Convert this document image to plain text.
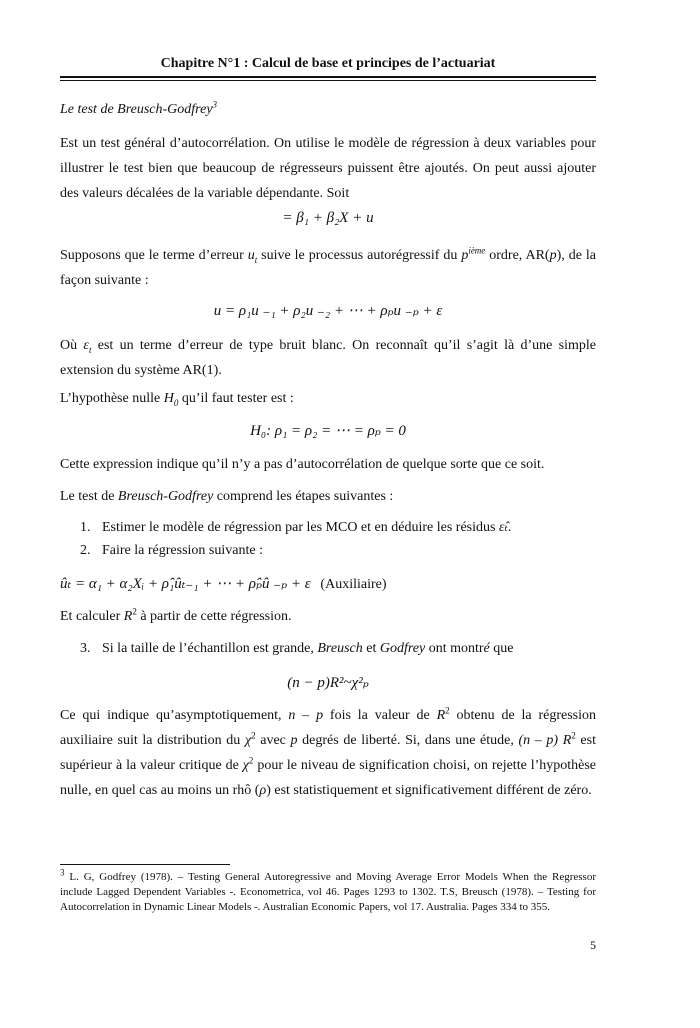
Chapitre N°1 : Calcul de base et principes de l’actuariat
Le test de Breusch-Godfrey$^3$

Est un test général d’autocorrélation. On utilise le modèle de régression à deux variables pour illustrer le test bien que beaucoup de régresseurs puissent être ajoutés. On peut aussi ajouter des valeurs décalées de la variable dépendante. Soit

= β₁ + β₂X + u

Supposons que le terme d’erreur $u_t$ suive le processus autorégressif du $p^{ième}$ ordre, AR(p), de la façon suivante :

u = ρ₁u ₋₁ + ρ₂u ₋₂ + ⋯ + ρₚu ₋ₚ + ε

Où $\varepsilon_t$ est un terme d’erreur de type bruit blanc. On reconnaît qu’il s’agit là d’une simple extension du système AR(1).

L’hypothèse nulle $H_0$ qu’il faut tester est :

H₀: ρ₁ = ρ₂ = ⋯ = ρₚ = 0

Cette expression indique qu’il n’y a pas d’autocorrélation de quelque sorte que ce soit.

Le test de Breusch-Godfrey comprend les étapes suivantes :

1. Estimer le modèle de régression par les MCO et en déduire les résidus ε̂ₜ.
2. Faire la régression suivante :
ûₜ = α₁ + α₂Xᵢ + ρ̂₁ûₜ₋₁ + ⋯ + ρ̂ₚû ₋ₚ + ε (Auxiliaire)

Et calculer $R^2$ à partir de cette régression.

3. Si la taille de l’échantillon est grande, Breusch et Godfrey ont montré que
(n − p)R²~χ²ₚ

Ce qui indique qu’asymptotiquement, n – p fois la valeur de $R^2$ obtenu de la régression auxiliaire suit la distribution du $\chi^2$ avec p degrés de liberté. Si, dans une étude, (n – p) $R^2$ est supérieur à la valeur critique de $\chi^2$ pour le niveau de signification choisi, on rejette l’hypothèse nulle, en quel cas au moins un rhô (ρ) est statistiquement et significativement différent de zéro.

$^3$ L. G, Godfrey (1978). – Testing General Autoregressive and Moving Average Error Models When the Regressor include Lagged Dependent Variables -. Econometrica, vol 46. Pages 1293 to 1302. T.S, Breusch (1978). – Testing for Autocorrelation in Dynamic Linear Models -. Australian Economic Papers, vol 17. Australia. Pages 334 to 355.

5
